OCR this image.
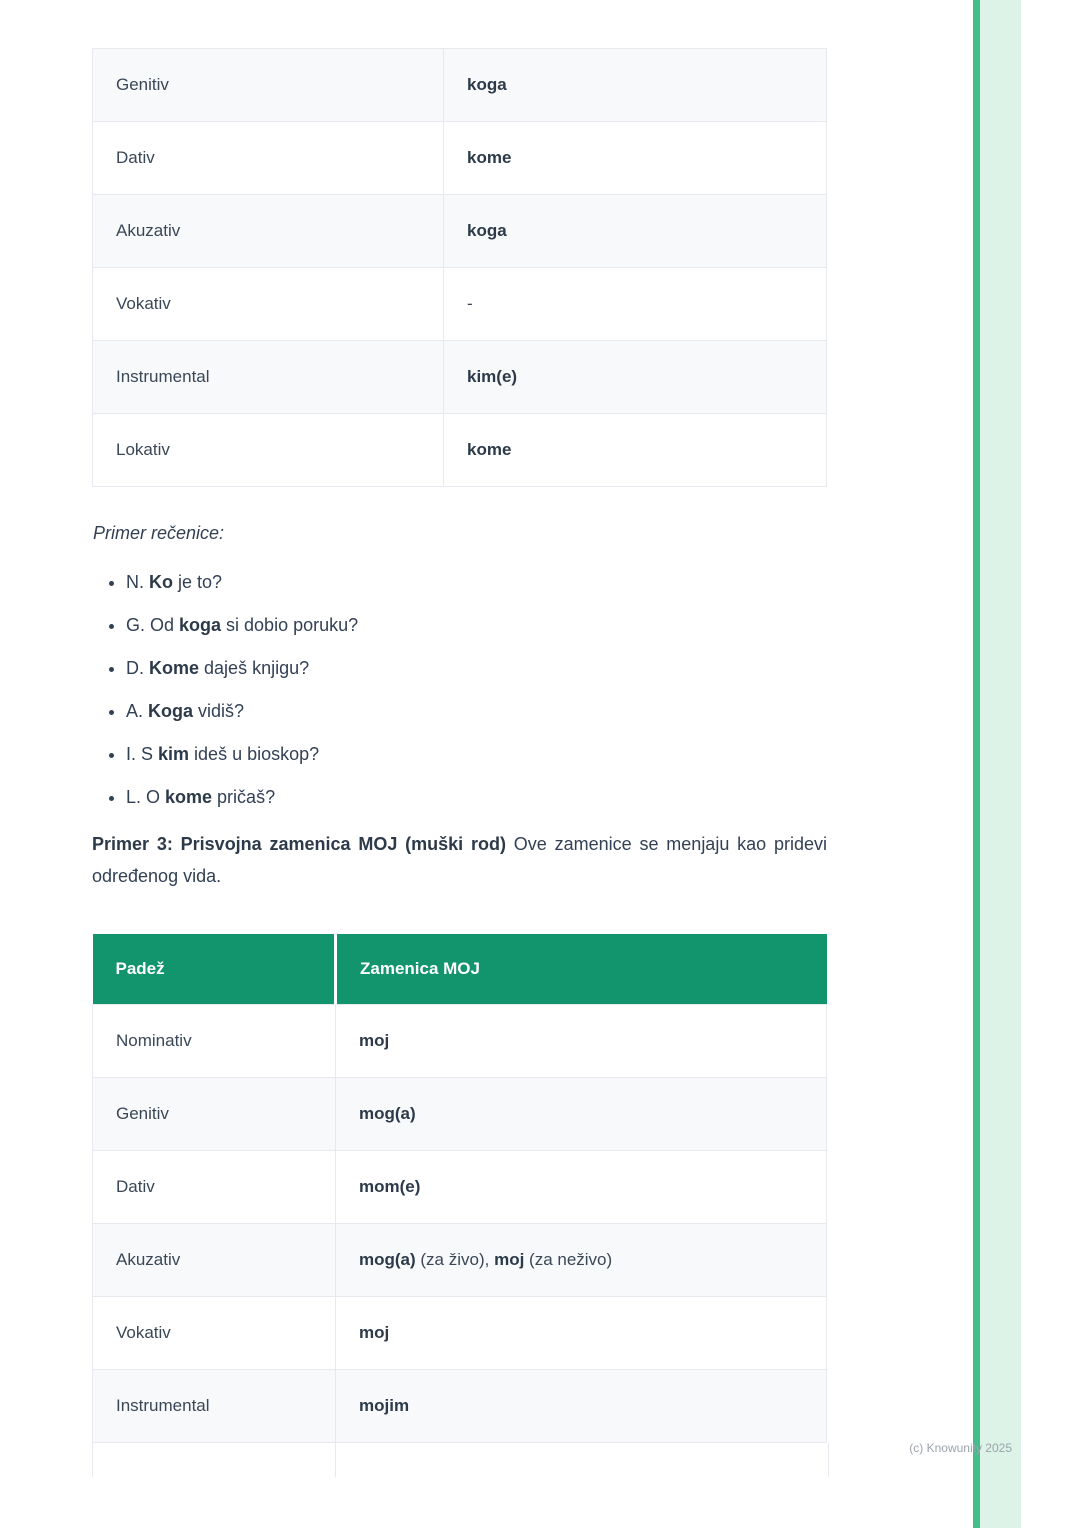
Genitiv	koga
Dativ	kome
Akuzativ	koga
Vokativ	-
Instrumental	kim(e)
Lokativ	kome

Primer rečenice:

• N. Ko je to?
• G. Od koga si dobio poruku?
• D. Kome daješ knjigu?
• A. Koga vidiš?
• I. S kim ideš u bioskop?
• L. O kome pričaš?

Primer 3: Prisvojna zamenica MOJ (muški rod) Ove zamenice se menjaju kao pridevi određenog vida.

Padež	Zamenica MOJ
Nominativ	moj
Genitiv	mog(a)
Dativ	mom(e)
Akuzativ	mog(a) (za živo), moj (za neživo)
Vokativ	moj
Instrumental	mojim
(c) Knowunity 2025
